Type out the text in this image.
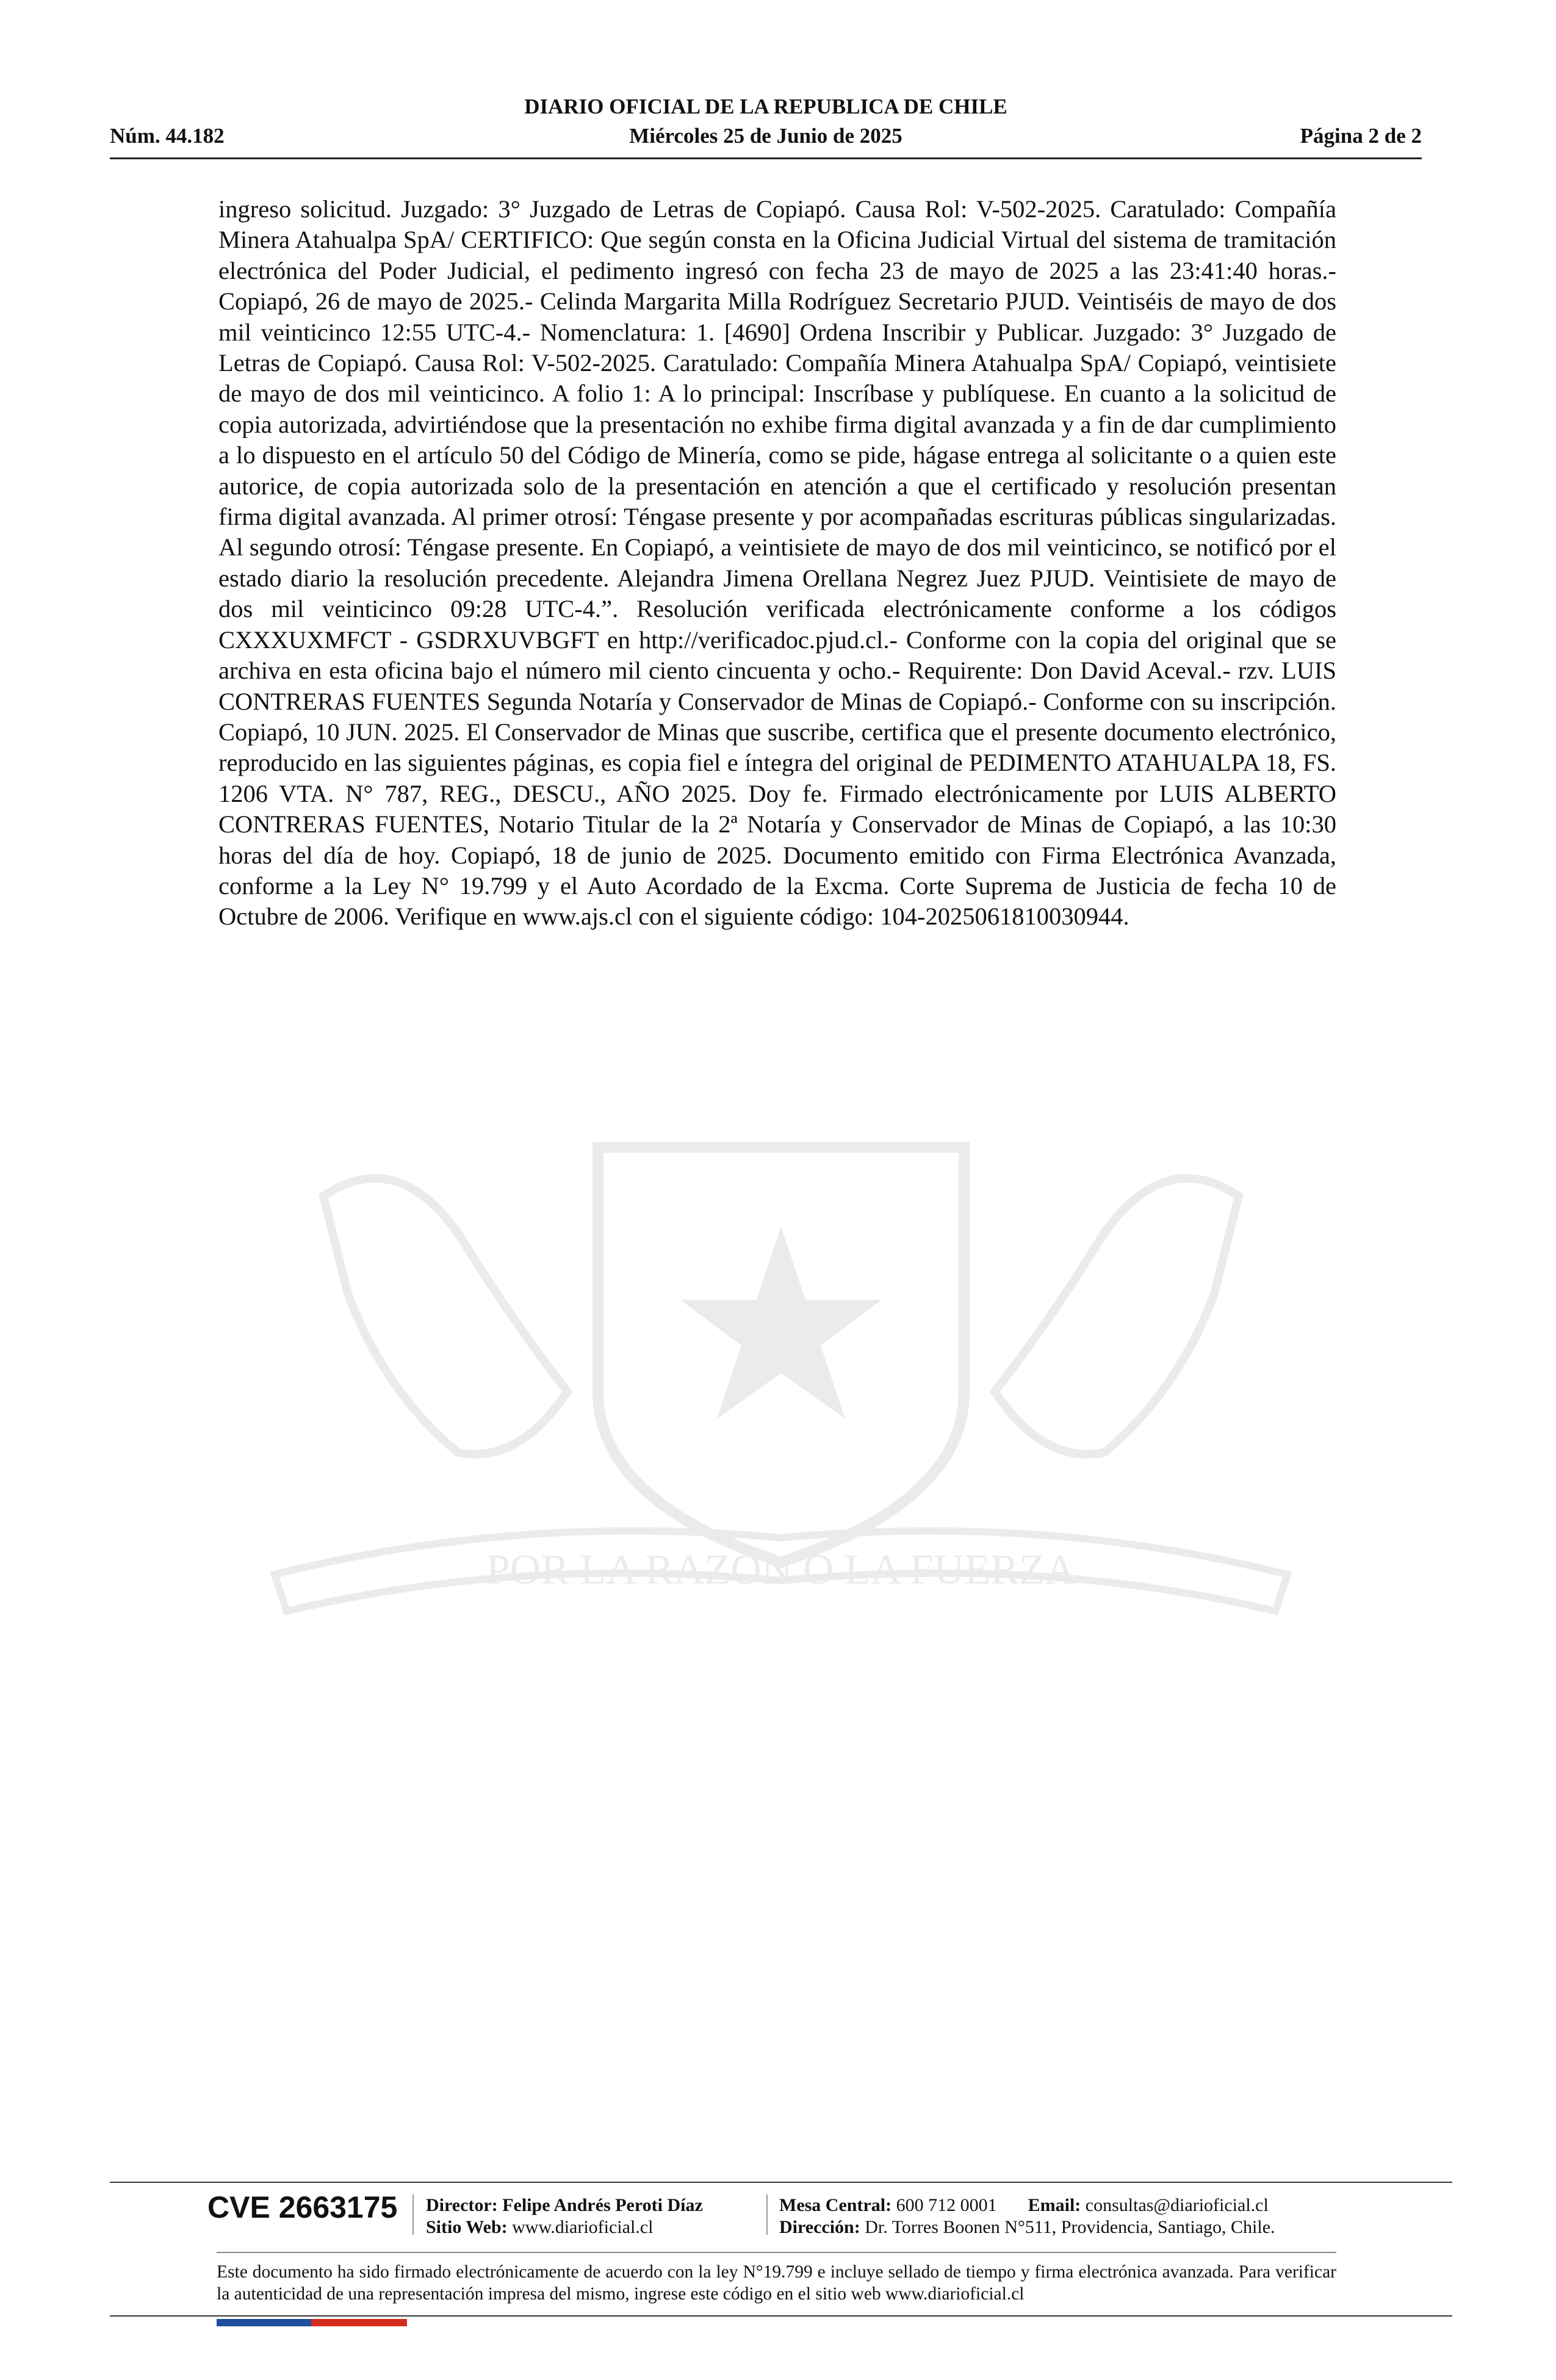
DIARIO OFICIAL DE LA REPUBLICA DE CHILE
Núm. 44.182	Miércoles 25 de Junio de 2025	Página 2 de 2
POR LA RAZON O LA FUERZA

ingreso solicitud. Juzgado: 3° Juzgado de Letras de Copiapó. Causa Rol: V-502-2025. Caratulado: Compañía Minera Atahualpa SpA/ CERTIFICO: Que según consta en la Oficina Judicial Virtual del sistema de tramitación electrónica del Poder Judicial, el pedimento ingresó con fecha 23 de mayo de 2025 a las 23:41:40 horas.- Copiapó, 26 de mayo de 2025.- Celinda Margarita Milla Rodríguez Secretario PJUD. Veintiséis de mayo de dos mil veinticinco 12:55 UTC-4.- Nomenclatura: 1. [4690] Ordena Inscribir y Publicar. Juzgado: 3° Juzgado de Letras de Copiapó. Causa Rol: V-502-2025. Caratulado: Compañía Minera Atahualpa SpA/ Copiapó, veintisiete de mayo de dos mil veinticinco. A folio 1: A lo principal: Inscríbase y publíquese. En cuanto a la solicitud de copia autorizada, advirtiéndose que la presentación no exhibe firma digital avanzada y a fin de dar cumplimiento a lo dispuesto en el artículo 50 del Código de Minería, como se pide, hágase entrega al solicitante o a quien este autorice, de copia autorizada solo de la presentación en atención a que el certificado y resolución presentan firma digital avanzada. Al primer otrosí: Téngase presente y por acompañadas escrituras públicas singularizadas. Al segundo otrosí: Téngase presente. En Copiapó, a veintisiete de mayo de dos mil veinticinco, se notificó por el estado diario la resolución precedente. Alejandra Jimena Orellana Negrez Juez PJUD. Veintisiete de mayo de dos mil veinticinco 09:28 UTC-4.”. Resolución verificada electrónicamente conforme a los códigos CXXXUXMFCT - GSDRXUVBGFT en http://verificadoc.pjud.cl.- Conforme con la copia del original que se archiva en esta oficina bajo el número mil ciento cincuenta y ocho.- Requirente: Don David Aceval.- rzv. LUIS CONTRERAS FUENTES Segunda Notaría y Conservador de Minas de Copiapó.- Conforme con su inscripción. Copiapó, 10 JUN. 2025. El Conservador de Minas que suscribe, certifica que el presente documento electrónico, reproducido en las siguientes páginas, es copia fiel e íntegra del original de PEDIMENTO ATAHUALPA 18, FS. 1206 VTA. N° 787, REG., DESCU., AÑO 2025. Doy fe. Firmado electrónicamente por LUIS ALBERTO CONTRERAS FUENTES, Notario Titular de la 2ª Notaría y Conservador de Minas de Copiapó, a las 10:30 horas del día de hoy. Copiapó, 18 de junio de 2025. Documento emitido con Firma Electrónica Avanzada, conforme a la Ley N° 19.799 y el Auto Acordado de la Excma. Corte Suprema de Justicia de fecha 10 de Octubre de 2006. Verifique en www.ajs.cl con el siguiente código: 104-2025061810030944.

CVE 2663175 Director: Felipe Andrés Peroti Díaz
Sitio Web: www.diarioficial.cl
Mesa Central: 600 712 0001 Email: consultas@diarioficial.cl
Dirección: Dr. Torres Boonen N°511, Providencia, Santiago, Chile.

Este documento ha sido firmado electrónicamente de acuerdo con la ley N°19.799 e incluye sellado de tiempo y firma electrónica avanzada. Para verificar la autenticidad de una representación impresa del mismo, ingrese este código en el sitio web www.diarioficial.cl
